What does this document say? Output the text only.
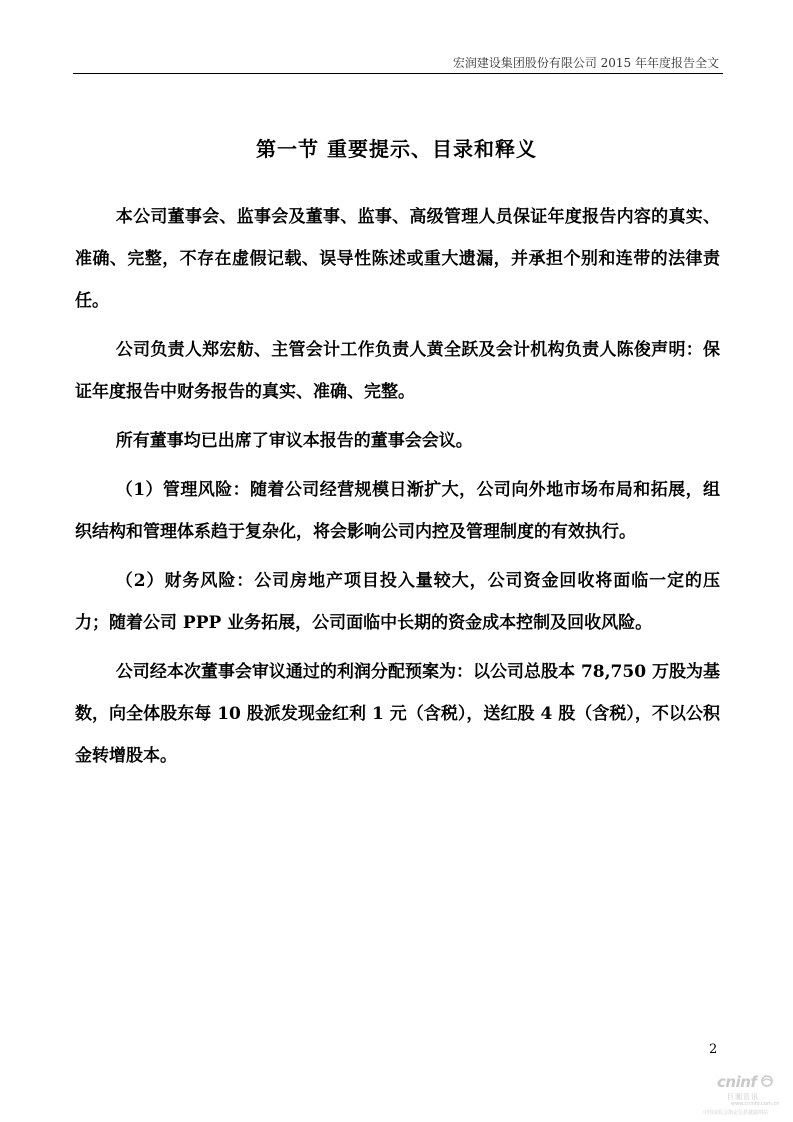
宏润建设集团股份有限公司 2015 年年度报告全文
第一节 重要提示、目录和释义

本公司董事会、监事会及董事、监事、高级管理人员保证年度报告内容的真实、准确、完整，不存在虚假记载、误导性陈述或重大遗漏，并承担个别和连带的法律责任。

公司负责人郑宏舫、主管会计工作负责人黄全跃及会计机构负责人陈俊声明：保证年度报告中财务报告的真实、准确、完整。

所有董事均已出席了审议本报告的董事会会议。

（1）管理风险：随着公司经营规模日渐扩大，公司向外地市场布局和拓展，组织结构和管理体系趋于复杂化，将会影响公司内控及管理制度的有效执行。

（2）财务风险：公司房地产项目投入量较大，公司资金回收将面临一定的压力；随着公司 PPP 业务拓展，公司面临中长期的资金成本控制及回收风险。

公司经本次董事会审议通过的利润分配预案为：以公司总股本 78,750 万股为基数，向全体股东每 10 股派发现金红利 1 元（含税），送红股 4 股（含税），不以公积金转增股本。

2
cninf
巨潮资讯
www.cninfo.com.cn
中国证监会指定信息披露网站
